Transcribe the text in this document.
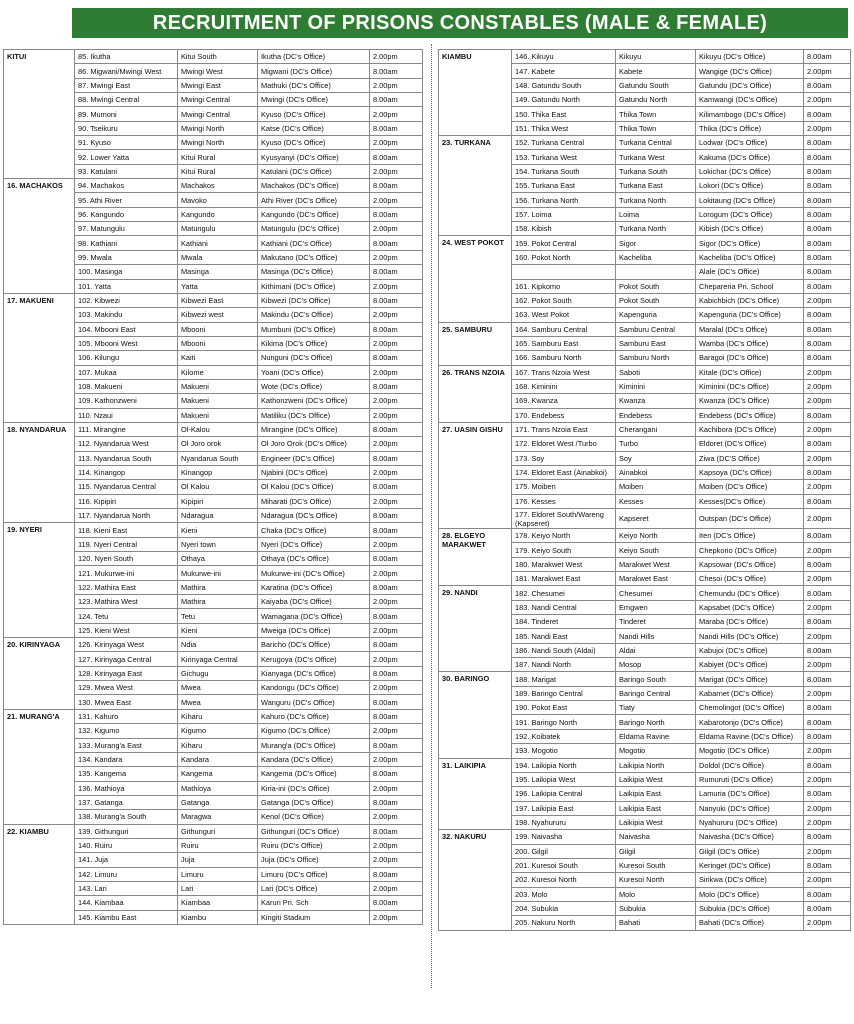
RECRUITMENT OF PRISONS CONSTABLES (MALE & FEMALE)
KITUI	85. Ikutha	Kitui South	Ikutha (DC's Office)	2.00pm
	86. Migwani/Mwingi West	Mwingi West	Migwani (DC's Office)	8.00am
	87. Mwingi East	Mwingi East	Mathuki (DC's Office)	2.00pm
	88. Mwingi Central	Mwingi Central	Mwingi (DC's Office)	8.00am
	89. Mumoni	Mwingi Central	Kyuso (DC's Office)	2.00pm
	90. Tseikuru	Mwingi North	Katse (DC's Office)	8.00am
	91. Kyuso	Mwingi North	Kyuso (DC's Office)	2.00pm
	92. Lower Yatta	Kitui Rural	Kyusyanyi (DC's Office)	8.00am
	93. Katulani	Kitui Rural	Katulani (DC's Office)	2.00pm
16. MACHAKOS	94. Machakos	Machakos	Machakos (DC's Office)	8.00am
	95. Athi River	Mavoko	Athi River (DC's Office)	2.00pm
	96. Kangundo	Kangundo	Kangundo (DC's Office)	8.00am
	97. Matungulu	Matungulu	Matungulu (DC's Office)	2.00pm
	98. Kathiani	Kathiani	Kathiani (DC's Office)	8.00am
	99. Mwala	Mwala	Makutano (DC's Office)	2.00pm
	100. Masinga	Masinga	Masinga (DC's Office)	8.00am
	101. Yatta	Yatta	Kithimani (DC's Office)	2.00pm
17. MAKUENI	102. Kibwezi	Kibwezi East	Kibwezi (DC's Office)	8.00am
	103. Makindu	Kibwezi west	Makindu (DC's Office)	2.00pm
	104. Mbooni East	Mbooni	Mumbuni (DC's Office)	8.00am
	105. Mbooni West	Mbooni	Kikima (DC's Office)	2.00pm
	106. Kilungu	Kaiti	Nunguni (DC's Office)	8.00am
	107. Mukaa	Kilome	Yoani (DC's Office)	2.00pm
	108. Makueni	Makueni	Wote (DC's Office)	8.00am
	109. Kathonzweni	Makueni	Kathonzweni (DC's Office)	2.00pm
	110. Nzaui	Makueni	Matiliku (DC's Office)	2.00pm
18. NYANDARUA	111. Mirangine	Ol-Kalou	Mirangine (DC's Office)	8.00am
	112. Nyandarua West	Ol Joro orok	Ol Joro Orok (DC's Office)	2.00pm
	113. Nyandarua South	Nyandarua South	Engineer (DC's Office)	8.00am
	114. Kinangop	Kinangop	Njabini (DC's Office)	2.00pm
	115. Nyandarua Central	Ol Kalou	Ol Kalou (DC's Office)	8.00am
	116. Kipipiri	Kipipiri	Miharati (DC's Office)	2.00pm
	117. Nyandarua North	Ndaragua	Ndaragua (DC's Office)	8.00am
19. NYERI	118. Kieni East	Kieni	Chaka (DC's Office)	8.00am
	119. Nyeri Central	Nyeri town	Nyeri (DC's Office)	2.00pm
	120. Nyeri South	Othaya	Othaya (DC's Office)	8.00am
	121. Mukurwe-ini	Mukurwe-ini	Mukurwe-ini (DC's Office)	2.00pm
	122. Mathira East	Mathira	Karatina (DC's Office)	8.00am
	123. Mathira West	Mathira	Kaiyaba (DC's Office)	2.00pm
	124. Tetu	Tetu	Wamagana (DC's Office)	8.00am
	125. Kieni West	Kieni	Mweiga (DC's Office)	2.00pm
20. KIRINYAGA	126. Kirinyaga West	Ndia	Baricho (DC's Office)	8.00am
	127. Kirinyaga Central	Kirinyaga Central	Kerugoya (DC's Office)	2.00pm
	128. Kirinyaga East	Gichugu	Kianyaga (DC's Office)	8.00am
	129. Mwea West	Mwea	Kandongu (DC's Office)	2.00pm
	130. Mwea East	Mwea	Wanguru (DC's Office)	8.00am
21. MURANG'A	131. Kahuro	Kiharu	Kahuro (DC's Office)	8.00am
	132. Kigumo	Kigumo	Kigumo (DC's Office)	2.00pm
	133. Murang'a East	Kiharu	Murang'a (DC's Office)	8.00am
	134. Kandara	Kandara	Kandara (DC's Office)	2.00pm
	135. Kangema	Kangema	Kangema (DC's Office)	8.00am
	136. Mathioya	Mathioya	Kiria-ini (DC's Office)	2.00pm
	137. Gatanga	Gatanga	Gatanga (DC's Office)	8.00am
	138. Murang'a South	Maragwa	Kenol (DC's Office)	2.00pm
22. KIAMBU	139. Githunguri	Githunguri	Githunguri (DC's Office)	8.00am
	140. Ruiru	Ruiru	Ruiru (DC's Office)	2.00pm
	141. Juja	Juja	Juja (DC's Office)	2.00pm
	142. Limuru	Limuru	Limuru (DC's Office)	8.00am
	143. Lari	Lari	Lari (DC's Office)	2.00pm
	144. Kiambaa	Kiambaa	Karuri Pri. Sch	8.00am
	145. Kiambu East	Kiambu	Kirigiti Stadium	2.00pm
KIAMBU	146. Kikuyu	Kikuyu	Kikuyu (DC's Office)	8.00am
	147. Kabete	Kabete	Wangige (DC's Office)	2.00pm
	148. Gatundu South	Gatundu South	Gatundu (DC's Office)	8.00am
	149. Gatundu North	Gatundu North	Kamwangi (DC's Office)	2.00pm
	150. Thika East	Thika Town	Kilimambogo (DC's Office)	8.00am
	151. Thika West	Thika Town	Thika (DC's Office)	2.00pm
23. TURKANA	152. Turkana Central	Turkana Central	Lodwar (DC's Office)	8.00am
	153. Turkana West	Turkana West	Kakuma (DC's Office)	8.00am
	154. Turkana South	Turkana South	Lokichar (DC's Office)	8.00am
	155. Turkana East	Turkana East	Lokori (DC's Office)	8.00am
	156. Turkana North	Turkana North	Lokitaung (DC's Office)	8.00am
	157. Loima	Loima	Lorogum (DC's Office)	8.00am
	158. Kibish	Turkana North	Kibish (DC's Office)	8.00am
24. WEST POKOT	159. Pokot Central	Sigor	Sigor (DC's Office)	8.00am
	160. Pokot North	Kacheliba	Kacheliba (DC's Office)	8.00am
			Alale (DC's Office)	8.00am
	161. Kipkomo	Pokot South	Chepareria Pri. School	8.00am
	162. Pokot South	Pokot South	Kabichbich (DC's Office)	2.00pm
	163. West Pokot	Kapenguria	Kapenguria (DC's Office)	8.00am
25. SAMBURU	164. Samburu Central	Samburu Central	Maralal (DC's Office)	8.00am
	165. Samburu East	Samburu East	Wamba (DC's Office)	8.00am
	166. Samburu North	Samburu North	Baragoi (DC's Office)	8.00am
26. TRANS NZOIA	167. Trans Nzoia West	Saboti	Kitale (DC's Office)	2.00pm
	168. Kiminini	Kiminini	Kiminini (DC's Office)	2.00pm
	169. Kwanza	Kwanza	Kwanza (DC's Office)	2.00pm
	170. Endebess	Endebess	Endebess (DC's Office)	8.00am
27. UASIN GISHU	171. Trans Nzoia East	Cherangani	Kachibora (DC's Office)	2.00pm
	172. Eldoret West /Turbo	Turbo	Eldoret (DC's Office)	8.00am
	173. Soy	Soy	Ziwa (DC'S Office)	2.00pm
	174. Eldoret East (Ainabkoi)	Ainabkoi	Kapsoya (DC's Office)	8.00am
	175. Moiben	Moiben	Moiben (DC's Office)	2.00pm
	176. Kesses	Kesses	Kesses(DC's Office)	8.00am
	177. Eldoret South/Wareng (Kapseret)	Kapseret	Outspan (DC's Office)	2.00pm
28. ELGEYO MARAKWET	178. Keiyo North	Keiyo North	Iten (DC's Office)	8.00am
	179. Keiyo South	Keiyo South	Chepkorio (DC's Office)	2.00pm
	180. Marakwet West	Marakwet West	Kapsowar (DC's Office)	8.00am
	181. Marakwet East	Marakwet East	Chesoi (DC's Office)	2.00pm
29. NANDI	182. Chesumei	Chesumei	Chemundu (DC's Office)	8.00am
	183. Nandi Central	Emgwen	Kapsabet (DC's Office)	2.00pm
	184. Tinderet	Tinderet	Maraba (DC's Office)	8.00am
	185. Nandi East	Nandi Hills	Nandi Hills (DC's Office)	2.00pm
	186. Nandi South (Aldai)	Aldai	Kabujoi (DC's Office)	8.00am
	187. Nandi North	Mosop	Kabiyet (DC's Office)	2.00pm
30. BARINGO	188. Marigat	Baringo South	Marigat (DC's Office)	8.00am
	189. Baringo Central	Baringo Central	Kabarnet (DC's Office)	2.00pm
	190. Pokot East	Tiaty	Chemolingot (DC's Office)	8.00am
	191. Baringo North	Baringo North	Kabarotonjo (DC's Office)	8.00am
	192. Koibatek	Eldama Ravine	Eldama Ravine (DC's Office)	8.00am
	193. Mogotio	Mogotio	Mogotio (DC's Office)	2.00pm
31. LAIKIPIA	194. Laikipia North	Laikipia North	Doldol (DC's Office)	8.00am
	195. Laikipia West	Laikipia West	Rumuruti (DC's Office)	2.00pm
	196. Laikipia Central	Laikipia East	Lamuria (DC's Office)	8.00am
	197. Laikipia East	Laikipia East	Nanyuki (DC's Office)	2.00pm
	198. Nyahururu	Laikipia West	Nyahururu (DC's Office)	2.00pm
32. NAKURU	199. Naivasha	Naivasha	Naivasha (DC's Office)	8.00am
	200. Gilgil	Gilgil	Gilgil (DC's Office)	2.00pm
	201. Kuresoi South	Kuresoi South	Keringet (DC's Office)	8.00am
	202. Kuresoi North	Kuresoi North	Sirikwa (DC's Office)	2.00pm
	203. Molo	Molo	Molo (DC's Office)	8.00am
	204. Subukia	Subukia	Subukia (DC's Office)	8.00am
	205. Nakuru North	Bahati	Bahati (DC's Office)	2.00pm
